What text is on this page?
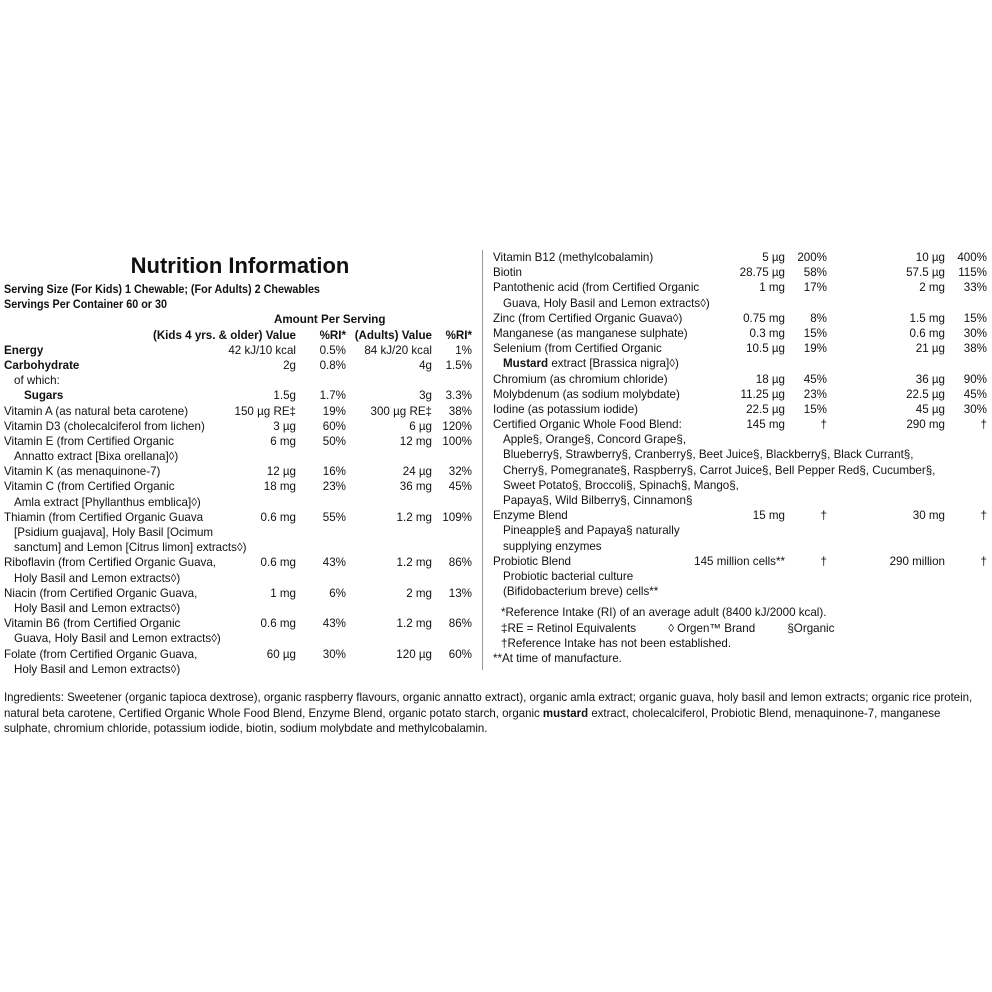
Nutrition Information
Serving Size (For Kids) 1 Chewable; (For Adults) 2 Chewables
Servings Per Container 60 or 30
Amount Per Serving
(Kids 4 yrs. & older) Value	%RI* (Adults) Value	%RI*
Energy	42 kJ/10 kcal	0.5%	84 kJ/20 kcal	1%
Carbohydrate	2g	0.8%	4g	1.5%
of which:
Sugars	1.5g	1.7%	3g	3.3%
Vitamin A (as natural beta carotene)	150 µg RE‡	19%	300 µg RE‡	38%
Vitamin D3 (cholecalciferol from lichen)	3 µg	60%	6 µg 120%
Vitamin E (from Certified Organic	6 mg	50%	12 mg 100%
Annatto extract [Bixa orellana]◊)
Vitamin K (as menaquinone-7)	12 µg	16%	24 µg	32%
Vitamin C (from Certified Organic	18 mg	23%	36 mg	45%
Amla extract [Phyllanthus emblica]◊)
Thiamin (from Certified Organic Guava	0.6 mg	55%	1.2 mg 109%
[Psidium guajava], Holy Basil [Ocimum
sanctum] and Lemon [Citrus limon] extracts◊)
Riboflavin (from Certified Organic Guava,	0.6 mg	43%	1.2 mg	86%
Holy Basil and Lemon extracts◊)
Niacin (from Certified Organic Guava,	1 mg	6%	2 mg	13%
Holy Basil and Lemon extracts◊)
Vitamin B6 (from Certified Organic	0.6 mg	43%	1.2 mg	86%
Guava, Holy Basil and Lemon extracts◊)
Folate (from Certified Organic Guava,	60 µg	30%	120 µg	60%
Holy Basil and Lemon extracts◊)
Vitamin B12 (methylcobalamin)	5 µg	200%	10 µg	400%
Biotin	28.75 µg	58%	57.5 µg	115%
Pantothenic acid (from Certified Organic	1 mg	17%	2 mg	33%
Guava, Holy Basil and Lemon extracts◊)
Zinc (from Certified Organic Guava◊)	0.75 mg	8%	1.5 mg	15%
Manganese (as manganese sulphate)	0.3 mg	15%	0.6 mg	30%
Selenium (from Certified Organic	10.5 µg	19%	21 µg	38%
Mustard extract [Brassica nigra]◊)
Chromium (as chromium chloride)	18 µg	45%	36 µg	90%
Molybdenum (as sodium molybdate)	11.25 µg	23%	22.5 µg	45%
Iodine (as potassium iodide)	22.5 µg	15%	45 µg	30%
Certified Organic Whole Food Blend:	145 mg	†	290 mg	†
Apple§, Orange§, Concord Grape§,
Blueberry§, Strawberry§, Cranberry§, Beet Juice§, Blackberry§, Black Currant§,
Cherry§, Pomegranate§, Raspberry§, Carrot Juice§, Bell Pepper Red§, Cucumber§,
Sweet Potato§, Broccoli§, Spinach§, Mango§,
Papaya§, Wild Bilberry§, Cinnamon§
Enzyme Blend	15 mg	†	30 mg	†
Pineapple§ and Papaya§ naturally
supplying enzymes
Probiotic Blend	145 million cells**	†	290 million	†
Probiotic bacterial culture
(Bifidobacterium breve) cells**
*Reference Intake (RI) of an average adult (8400 kJ/2000 kcal).
‡RE = Retinol Equivalents          ◊ Orgen™ Brand          §Organic
†Reference Intake has not been established.
**At time of manufacture.
Ingredients: Sweetener (organic tapioca dextrose), organic raspberry flavours, organic annatto extract), organic amla extract; organic guava, holy basil and lemon extracts; organic rice protein, natural beta carotene, Certified Organic Whole Food Blend, Enzyme Blend, organic potato starch, organic mustard extract, cholecalciferol, Probiotic Blend, menaquinone-7, manganese sulphate, chromium chloride, potassium iodide, biotin, sodium molybdate and methylcobalamin.
